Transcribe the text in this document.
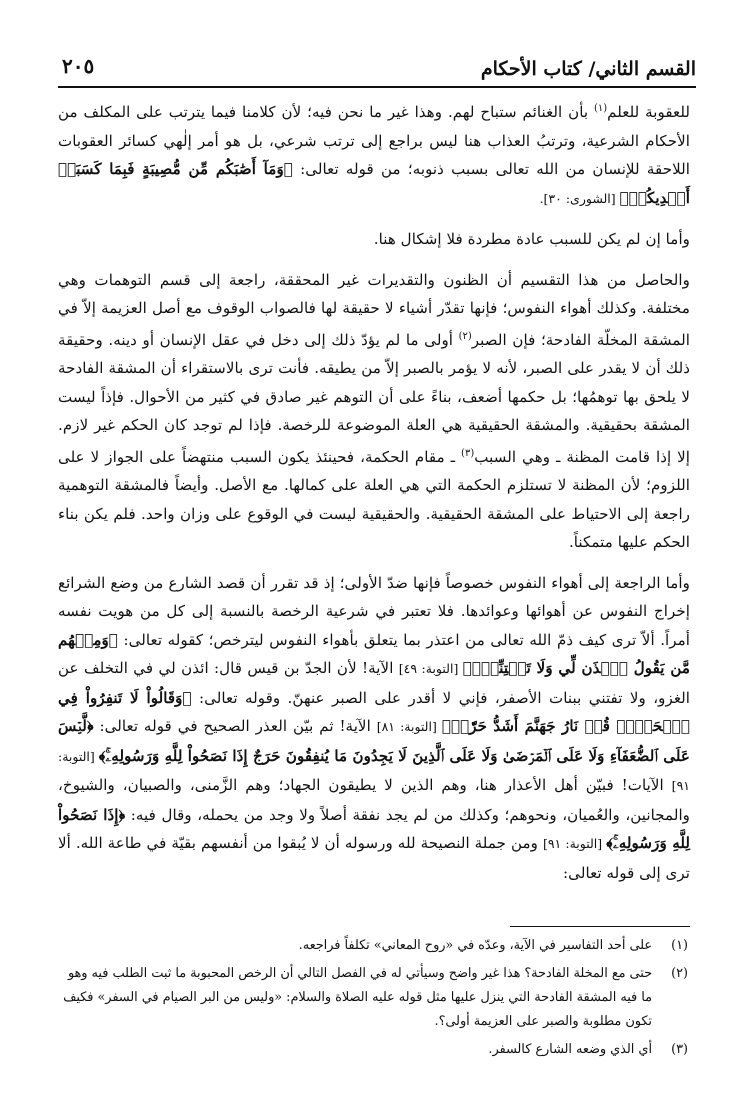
القسم الثاني/ كتاب الأحكام
٢٠٥

للعقوبة للعلم$^{(١)}$ بأن الغنائم ستباح لهم. وهذا غير ما نحن فيه؛ لأن كلامنا فيما يترتب على المكلف من الأحكام الشرعية، وترتبُ العذاب هنا ليس براجع إلى ترتب شرعي، بل هو أمر إلٰهي كسائر العقوبات اللاحقة للإنسان من الله تعالى بسبب ذنوبه؛ من قوله تعالى: ﴿وَمَآ أَصَٰبَكُم مِّن مُّصِيبَةٍ فَبِمَا كَسَبَتۡ أَيۡدِيكُمۡ﴾ [الشورى: ٣٠].

وأما إن لم يكن للسبب عادة مطردة فلا إشكال هنا.

والحاصل من هذا التقسيم أن الظنون والتقديرات غير المحققة، راجعة إلى قسم التوهمات وهي مختلفة. وكذلك أهواء النفوس؛ فإنها تقدّر أشياء لا حقيقة لها فالصواب الوقوف مع أصل العزيمة إلاّ في المشقة المخلّة الفادحة؛ فإن الصبر$^{(٢)}$ أولى ما لم يؤدّ ذلك إلى دخل في عقل الإنسان أو دينه. وحقيقة ذلك أن لا يقدر على الصبر، لأنه لا يؤمر بالصبر إلاّ من يطيقه. فأنت ترى بالاستقراء أن المشقة الفادحة لا يلحق بها توهمُها؛ بل حكمها أضعف، بناءً على أن التوهم غير صادق في كثير من الأحوال. فإذاً ليست المشقة بحقيقية. والمشقة الحقيقية هي العلة الموضوعة للرخصة. فإذا لم توجد كان الحكم غير لازم. إلا إذا قامت المظنة ـ وهي السبب$^{(٣)}$ ـ مقام الحكمة، فحينئذ يكون السبب منتهضاً على الجواز لا على اللزوم؛ لأن المظنة لا تستلزم الحكمة التي هي العلة على كمالها. مع الأصل. وأيضاً فالمشقة التوهمية راجعة إلى الاحتياط على المشقة الحقيقية. والحقيقية ليست في الوقوع على وزان واحد. فلم يكن بناء الحكم عليها متمكناً.

وأما الراجعة إلى أهواء النفوس خصوصاً فإنها ضدّ الأولى؛ إذ قد تقرر أن قصد الشارع من وضع الشرائع إخراج النفوس عن أهوائها وعوائدها. فلا تعتبر في شرعية الرخصة بالنسبة إلى كل من هويت نفسه أمراً. ألاّ ترى كيف ذمّ الله تعالى من اعتذر بما يتعلق بأهواء النفوس ليترخص؛ كقوله تعالى: ﴿وَمِنۡهُم مَّن يَقُولُ ٱئۡذَن لِّي وَلَا تَفۡتِنِّيٓۚ﴾ [التوبة: ٤٩] الآية! لأن الجدّ بن قيس قال: ائذن لي في التخلف عن الغزو، ولا تفتني ببنات الأصفر، فإني لا أقدر على الصبر عنهنّ. وقوله تعالى: ﴿وَقَالُواْ لَا تَنفِرُواْ فِي ٱلۡحَرِّۗ قُلۡ نَارُ جَهَنَّمَ أَشَدُّ حَرّٗاۚ﴾ [التوبة: ٨١] الآية! ثم بيّن العذر الصحيح في قوله تعالى: ﴿لَّيۡسَ عَلَى ٱلضُّعَفَآءِ وَلَا عَلَى ٱلۡمَرۡضَىٰ وَلَا عَلَى ٱلَّذِينَ لَا يَجِدُونَ مَا يُنفِقُونَ حَرَجٌ إِذَا نَصَحُواْ لِلَّهِ وَرَسُولِهِۦۚ﴾ [التوبة: ٩١] الآيات! فبيّن أهل الأعذار هنا، وهم الذين لا يطيقون الجهاد؛ وهم الزَّمنى، والصبيان، والشيوخ، والمجانين، والعُميان، ونحوهم؛ وكذلك من لم يجد نفقة أصلاً ولا وجد من يحمله، وقال فيه: ﴿إِذَا نَصَحُواْ لِلَّهِ وَرَسُولِهِۦۚ﴾ [التوبة: ٩١] ومن جملة النصيحة لله ورسوله أن لا يُبقوا من أنفسهم بقيّة في طاعة الله. ألا ترى إلى قوله تعالى:

(١)
على أحد التفاسير في الآية، وعدّه في «روح المعاني» تكلفاً فراجعه.
(٢)
حتى مع المخلة الفادحة؟ هذا غير واضح وسيأتي له في الفصل التالي أن الرخص المحبوبة ما ثبت الطلب فيه وهو ما فيه المشقة الفادحة التي ينزل عليها مثل قوله عليه الصلاة والسلام: «وليس من البر الصيام في السفر» فكيف تكون مطلوبة والصبر على العزيمة أولى؟.
(٣)
أي الذي وضعه الشارع كالسفر.
